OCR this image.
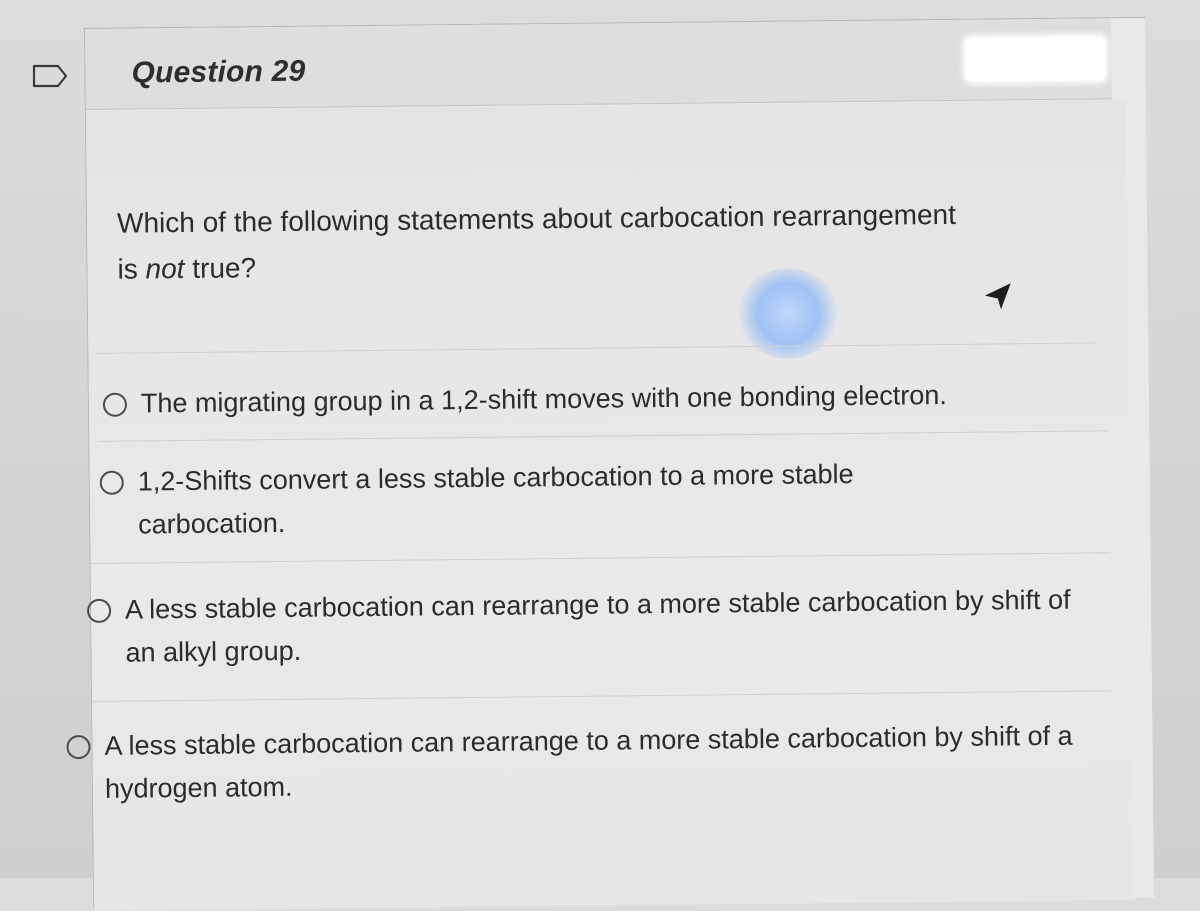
Question 29
Which of the following statements about carbocation rearrangement is not true?
The migrating group in a 1,2-shift moves with one bonding electron.
1,2-Shifts convert a less stable carbocation to a more stable carbocation.
A less stable carbocation can rearrange to a more stable carbocation by shift of an alkyl group.
A less stable carbocation can rearrange to a more stable carbocation by shift of a hydrogen atom.
